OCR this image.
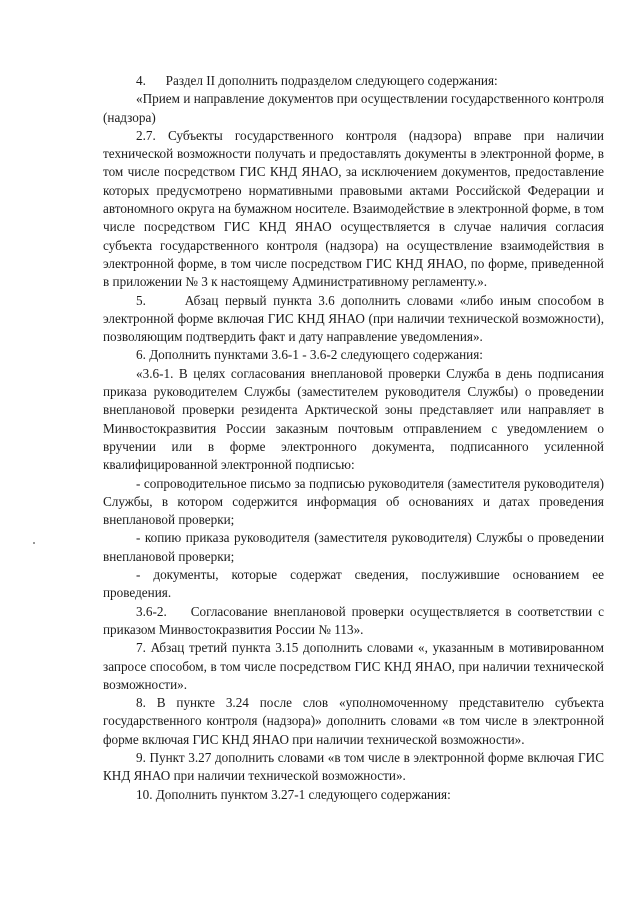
4.      Раздел II дополнить подразделом следующего содержания:

«Прием и направление документов при осуществлении государственного контроля (надзора)

2.7. Субъекты государственного контроля (надзора) вправе при наличии технической возможности получать и предоставлять документы в электронной форме, в том числе посредством ГИС КНД ЯНАО, за исключением документов, предоставление которых предусмотрено нормативными правовыми актами Российской Федерации и автономного округа на бумажном носителе. Взаимодействие в электронной форме, в том числе посредством ГИС КНД ЯНАО осуществляется в случае наличия согласия субъекта государственного контроля (надзора) на осуществление взаимодействия в электронной форме, в том числе посредством ГИС КНД ЯНАО, по форме, приведенной в приложении № 3 к настоящему Административному регламенту.».

5.      Абзац первый пункта 3.6 дополнить словами «либо иным способом в электронной форме включая ГИС КНД ЯНАО (при наличии технической возможности), позволяющим подтвердить факт и дату направление уведомления».

6. Дополнить пунктами 3.6-1 - 3.6-2 следующего содержания:

«3.6-1. В целях согласования внеплановой проверки Служба в день подписания приказа руководителем Службы (заместителем руководителя Службы) о проведении внеплановой проверки резидента Арктической зоны представляет или направляет в Минвостокразвития России заказным почтовым отправлением с уведомлением о вручении или в форме электронного документа, подписанного усиленной квалифицированной электронной подписью:

- сопроводительное письмо за подписью руководителя (заместителя руководителя) Службы, в котором содержится информация об основаниях и датах проведения внеплановой проверки;

- копию приказа руководителя (заместителя руководителя) Службы о проведении внеплановой проверки;

- документы, которые содержат сведения, послужившие основанием ее проведения.

3.6-2.    Согласование внеплановой проверки осуществляется в соответствии с приказом Минвостокразвития России № 113».

7. Абзац третий пункта 3.15 дополнить словами «, указанным в мотивированном запросе способом, в том числе посредством ГИС КНД ЯНАО, при наличии технической возможности».

8. В пункте 3.24 после слов «уполномоченному представителю субъекта государственного контроля (надзора)» дополнить словами «в том числе в электронной форме включая ГИС КНД ЯНАО при наличии технической возможности».

9. Пункт 3.27 дополнить словами «в том числе в электронной форме включая ГИС КНД ЯНАО при наличии технической возможности».

10. Дополнить пунктом 3.27-1 следующего содержания:
